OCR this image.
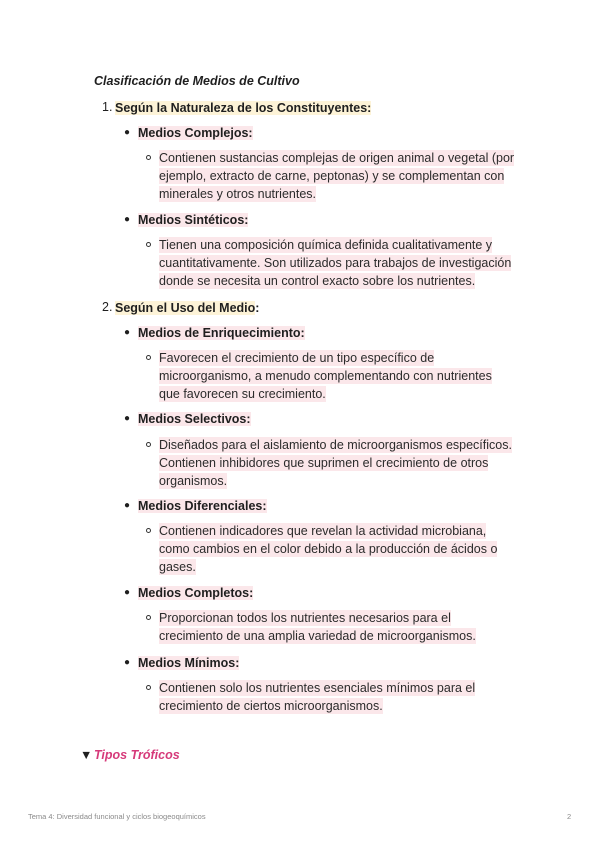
Clasificación de Medios de Cultivo
1. Según la Naturaleza de los Constituyentes:
● Medios Complejos:
Contienen sustancias complejas de origen animal o vegetal (por
ejemplo, extracto de carne, peptonas) y se complementan con
minerales y otros nutrientes.
● Medios Sintéticos:
Tienen una composición química definida cualitativamente y
cuantitativamente. Son utilizados para trabajos de investigación
donde se necesita un control exacto sobre los nutrientes.
2. Según el Uso del Medio:
● Medios de Enriquecimiento:
Favorecen el crecimiento de un tipo específico de
microorganismo, a menudo complementando con nutrientes
que favorecen su crecimiento.
● Medios Selectivos:
Diseñados para el aislamiento de microorganismos específicos.
Contienen inhibidores que suprimen el crecimiento de otros
organismos.
● Medios Diferenciales:
Contienen indicadores que revelan la actividad microbiana,
como cambios en el color debido a la producción de ácidos o
gases.
● Medios Completos:
Proporcionan todos los nutrientes necesarios para el
crecimiento de una amplia variedad de microorganismos.
● Medios Mínimos:
Contienen solo los nutrientes esenciales mínimos para el
crecimiento de ciertos microorganismos.
▼ Tipos Tróficos
Tema 4: Diversidad funcional y ciclos biogeoquímicos	2
